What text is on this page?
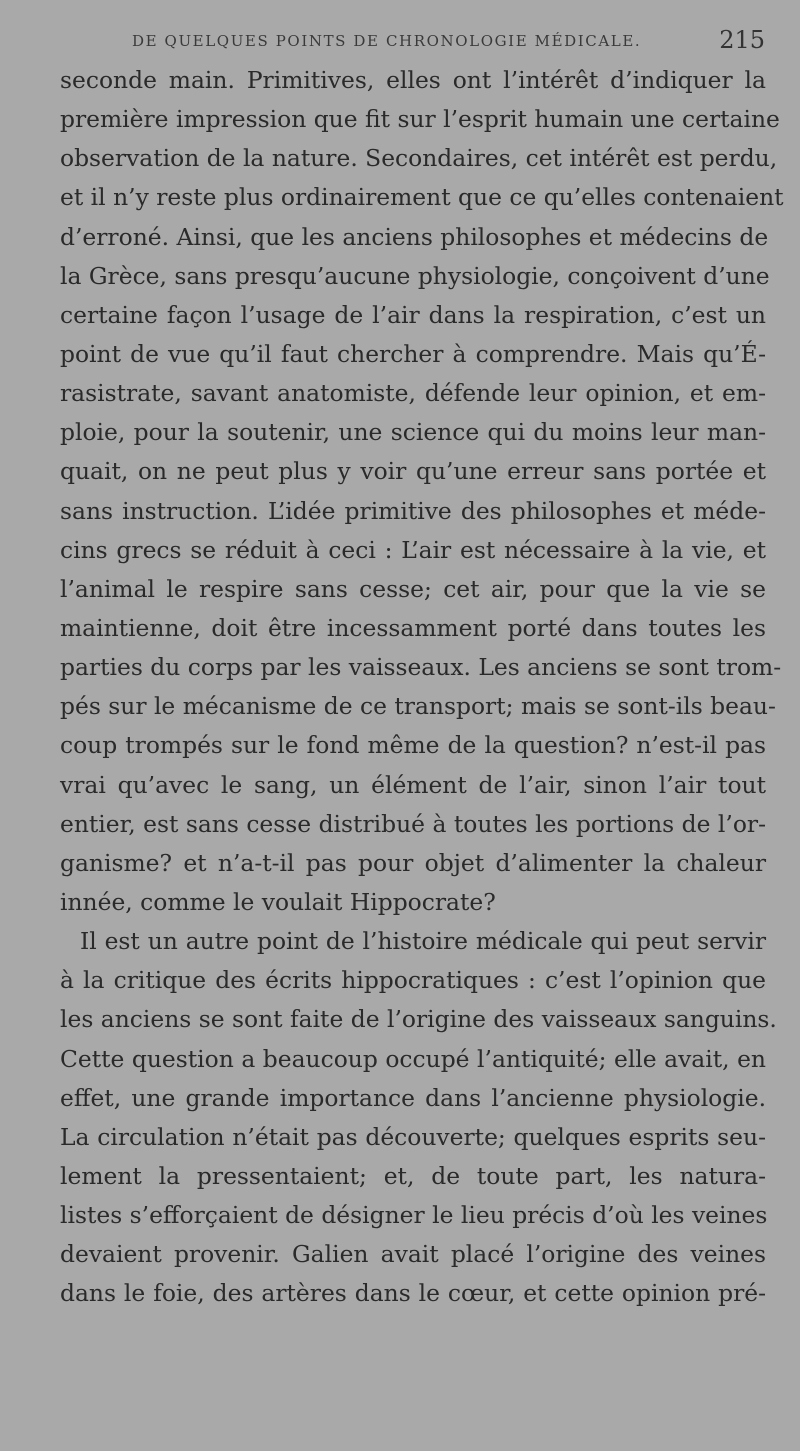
DE QUELQUES POINTS DE CHRONOLOGIE MÉDICALE.	215
seconde main. Primitives, elles ont l’intérêt d’indiquer la
première impression que fit sur l’esprit humain une certaine
observation de la nature. Secondaires, cet intérêt est perdu,
et il n’y reste plus ordinairement que ce qu’elles contenaient
d’erroné. Ainsi, que les anciens philosophes et médecins de
la Grèce, sans presqu’aucune physiologie, conçoivent d’une
certaine façon l’usage de l’air dans la respiration, c’est un
point de vue qu’il faut chercher à comprendre. Mais qu’É-
rasistrate, savant anatomiste, défende leur opinion, et em-
ploie, pour la soutenir, une science qui du moins leur man-
quait, on ne peut plus y voir qu’une erreur sans portée et
sans instruction. L’idée primitive des philosophes et méde-
cins grecs se réduit à ceci : L’air est nécessaire à la vie, et
l’animal le respire sans cesse; cet air, pour que la vie se
maintienne, doit être incessamment porté dans toutes les
parties du corps par les vaisseaux. Les anciens se sont trom-
pés sur le mécanisme de ce transport; mais se sont-ils beau-
coup trompés sur le fond même de la question? n’est-il pas
vrai qu’avec le sang, un élément de l’air, sinon l’air tout
entier, est sans cesse distribué à toutes les portions de l’or-
ganisme? et n’a-t-il pas pour objet d’alimenter la chaleur
innée, comme le voulait Hippocrate?
Il est un autre point de l’histoire médicale qui peut servir
à la critique des écrits hippocratiques : c’est l’opinion que
les anciens se sont faite de l’origine des vaisseaux sanguins.
Cette question a beaucoup occupé l’antiquité; elle avait, en
effet, une grande importance dans l’ancienne physiologie.
La circulation n’était pas découverte; quelques esprits seu-
lement la pressentaient; et, de toute part, les natura-
listes s’efforçaient de désigner le lieu précis d’où les veines
devaient provenir. Galien avait placé l’origine des veines
dans le foie, des artères dans le cœur, et cette opinion pré-
